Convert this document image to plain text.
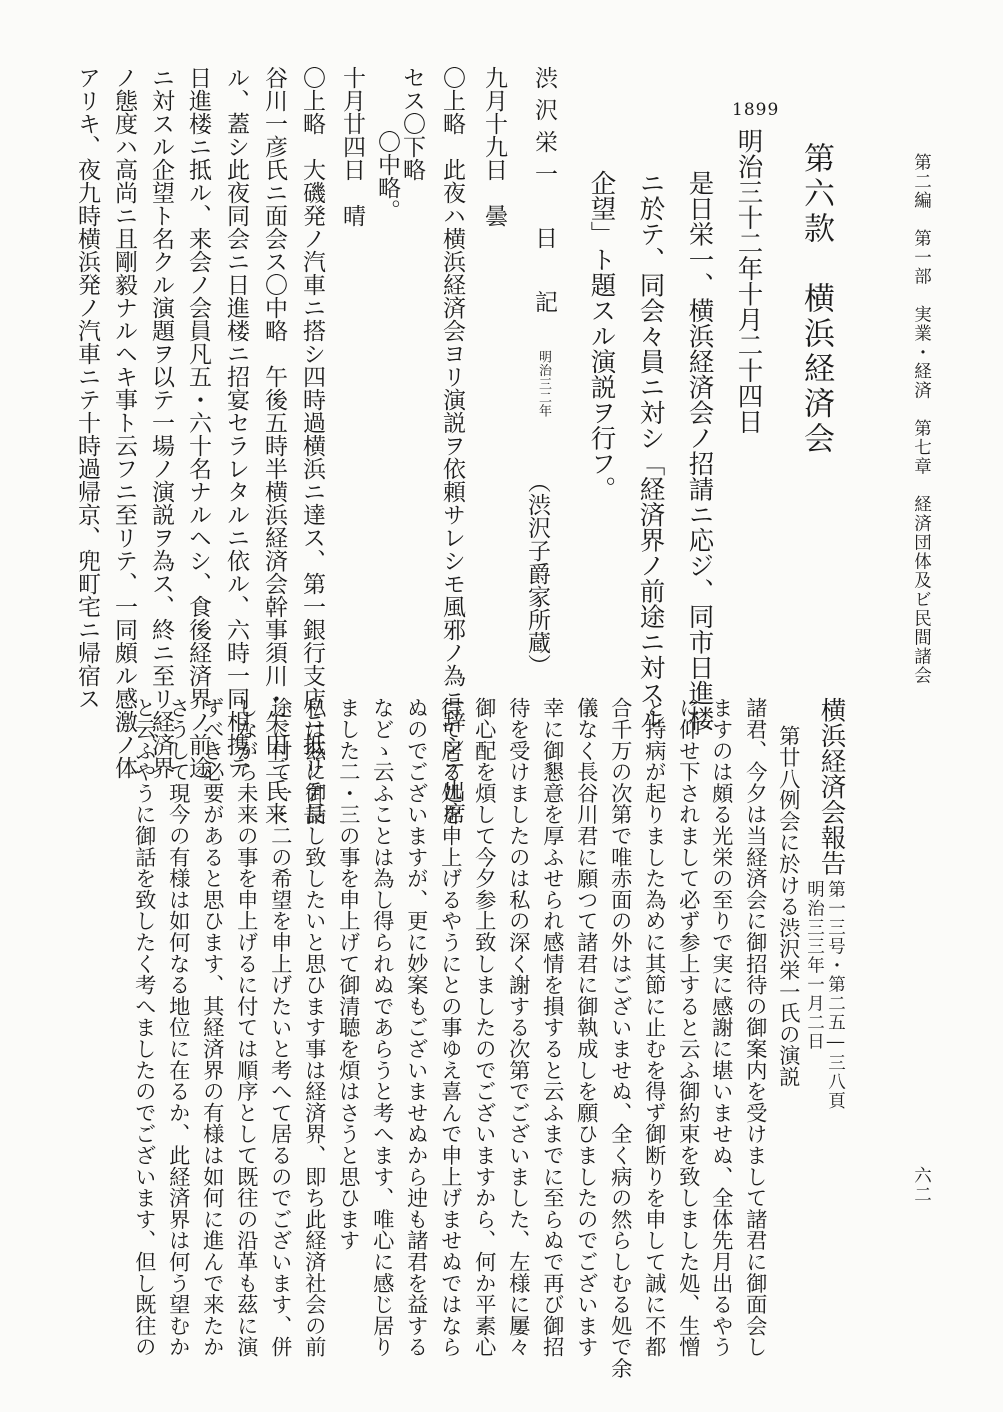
第二編　第一部　実業・経済　第七章　経済団体及ビ民間諸会
六二
第六款　横浜経済会
1899
明治三十二年十月二十四日
是日栄一、横浜経済会ノ招請ニ応ジ、同市日進楼
ニ於テ、同会々員ニ対シ「経済界ノ前途ニ対スル
企望」ト題スル演説ヲ行フ。
渋沢栄一　日　記
明治三二年
（渋沢子爵家所蔵）
九月十九日　曇
〇上略　此夜ハ横浜経済会ヨリ演説ヲ依頼サレシモ風邪ノ為ニ辞シテ出席
セス〇下略
〇中略。
十月廿四日　晴
〇上略　大磯発ノ汽車ニ搭シ四時過横浜ニ達ス、第一銀行支店ニ抵リテ長
谷川一彦氏ニ面会ス〇中略　午後五時半横浜経済会幹事須川・矢田二氏来
ル、蓋シ此夜同会ニ日進楼ニ招宴セラレタルニ依ル、六時一同相携テ
日進楼ニ抵ル、来会ノ会員凡五・六十名ナルヘシ、食後経済界ノ前途
ニ対スル企望ト名クル演題ヲ以テ一場ノ演説ヲ為ス、終ニ至リ経済界
ノ態度ハ高尚ニ且剛毅ナルヘキ事ト云フニ至リテ、一同頗ル感激ノ体
アリキ、夜九時横浜発ノ汽車ニテ十時過帰京、兜町宅ニ帰宿ス
横浜経済会報告
第一三号・第二五―三八頁
明治三三年一月二日
第廿八例会に於ける渋沢栄一氏の演説
諸君、今夕は当経済会に御招待の御案内を受けまして諸君に御面会し
ますのは頗る光栄の至りで実に感謝に堪いませぬ、全体先月出るやう
に仰せ下されまして必ず参上すると云ふ御約束を致しました処、生憎
と持病が起りました為めに其節に止むを得ず御断りを申して誠に不都
合千万の次第で唯赤面の外はございませぬ、全く病の然らしむる処で余
儀なく長谷川君に願つて諸君に御執成しを願ひましたのでございます
幸に御懇意を厚ふせられ感情を損すると云ふまでに至らぬで再び御招
待を受けましたのは私の深く謝する次第でございました、左様に屢々
御心配を煩して今夕参上致しましたのでございますから、何か平素心
得て居る処を申上げるやうにとの事ゆえ喜んで申上げませぬではなら
ぬのでございますが、更に妙案もございませぬから迚も諸君を益する
などゝ云ふことは為し得られぬであらうと考へます、唯心に感じ居り
ました二・三の事を申上げて御清聴を煩はさうと思ひます
私は茲に御話し致したいと思ひます事は経済界、即ち此経済社会の前
途に付て一・二の希望を申上げたいと考へて居るのでございます、併
しながら未来の事を申上げるに付ては順序として既往の沿革も茲に演
ずべき必要があると思ひます、其経済界の有様は如何に進んで来たか
さうして現今の有様は如何なる地位に在るか、此経済界は何う望むか
と云ふやうに御話を致したく考へましたのでございます、但し既往の
